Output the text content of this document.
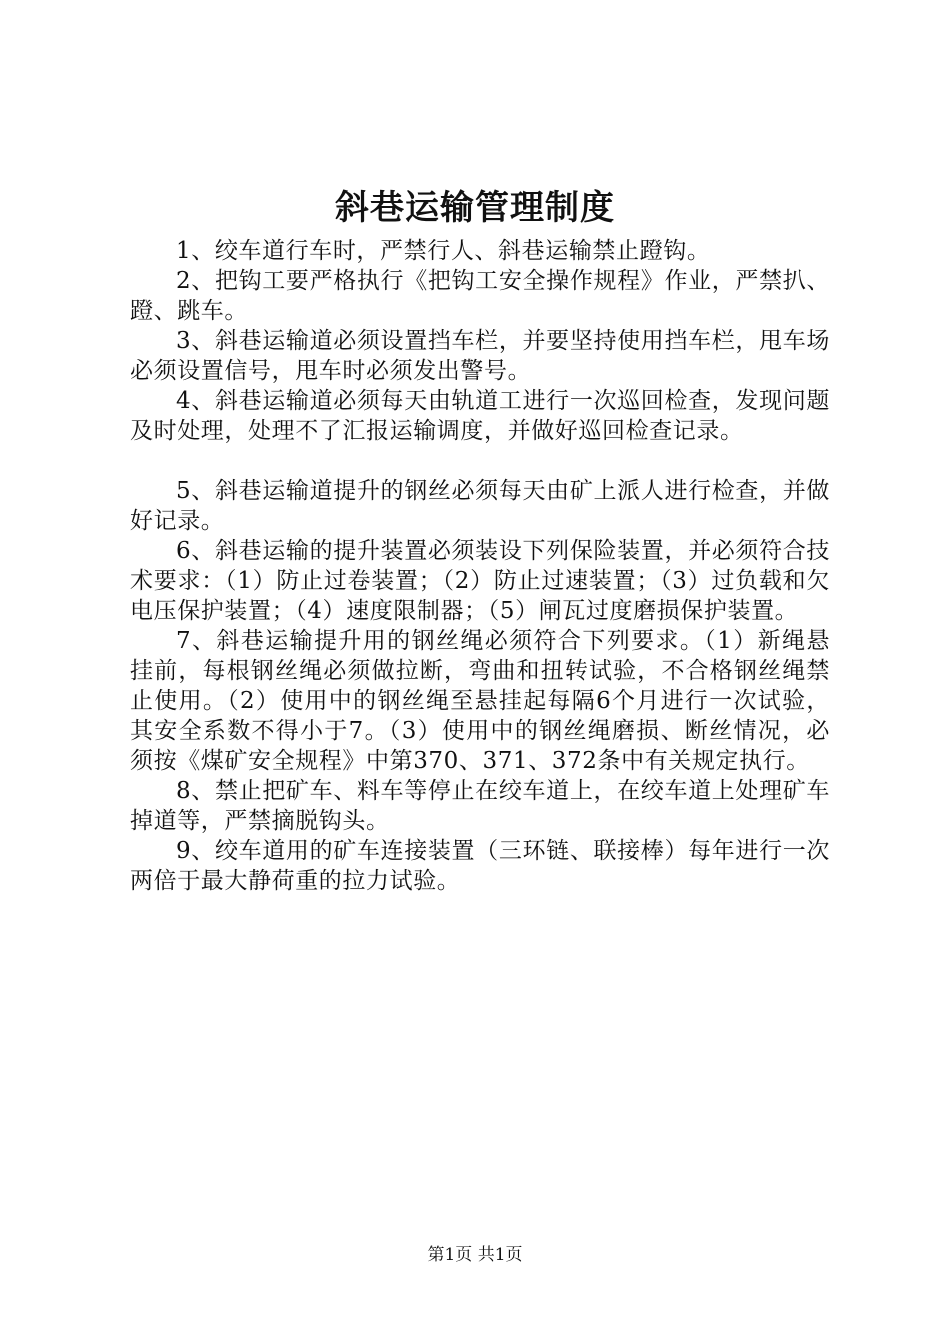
斜巷运输管理制度

1、绞车道行车时，严禁行人、斜巷运输禁止蹬钩。

2、把钩工要严格执行《把钩工安全操作规程》作业，严禁扒、蹬、跳车。

3、斜巷运输道必须设置挡车栏，并要坚持使用挡车栏，甩车场必须设置信号，甩车时必须发出警号。

4、斜巷运输道必须每天由轨道工进行一次巡回检查，发现问题及时处理，处理不了汇报运输调度，并做好巡回检查记录。

5、斜巷运输道提升的钢丝必须每天由矿上派人进行检查，并做好记录。

6、斜巷运输的提升装置必须装设下列保险装置，并必须符合技术要求：（1）防止过卷装置；（2）防止过速装置；（3）过负载和欠电压保护装置；（4）速度限制器；（5）闸瓦过度磨损保护装置。

7、斜巷运输提升用的钢丝绳必须符合下列要求。（1）新绳悬挂前，每根钢丝绳必须做拉断，弯曲和扭转试验，不合格钢丝绳禁止使用。（2）使用中的钢丝绳至悬挂起每隔6个月进行一次试验，其安全系数不得小于7。（3）使用中的钢丝绳磨损、断丝情况，必须按《煤矿安全规程》中第370、371、372条中有关规定执行。

8、禁止把矿车、料车等停止在绞车道上，在绞车道上处理矿车掉道等，严禁摘脱钩头。

9、绞车道用的矿车连接装置（三环链、联接棒）每年进行一次两倍于最大静荷重的拉力试验。

第1页 共1页
